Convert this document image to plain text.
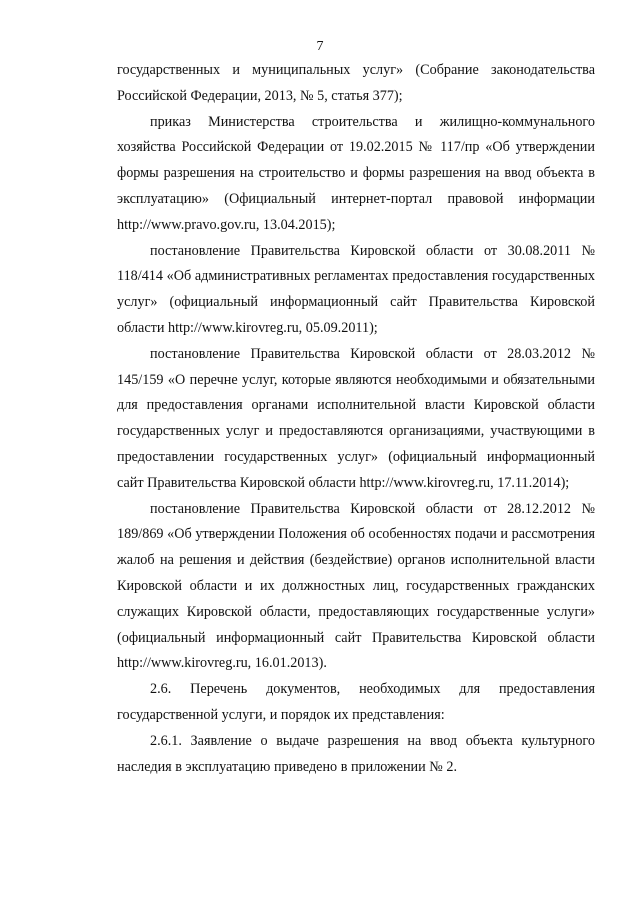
7

государственных и муниципальных услуг» (Собрание законодательства Российской Федерации, 2013, № 5, статья 377);

приказ Министерства строительства и жилищно-коммунального хозяйства Российской Федерации от 19.02.2015 № 117/пр «Об утверждении формы разрешения на строительство и формы разрешения на ввод объекта в эксплуатацию» (Официальный интернет-портал правовой информации http://www.pravo.gov.ru, 13.04.2015);

постановление Правительства Кировской области от 30.08.2011 № 118/414 «Об административных регламентах предоставления государственных услуг» (официальный информационный сайт Правительства Кировской области http://www.kirovreg.ru, 05.09.2011);

постановление Правительства Кировской области от 28.03.2012 № 145/159 «О перечне услуг, которые являются необходимыми и обязательными для предоставления органами исполнительной власти Кировской области государственных услуг и предоставляются организациями, участвующими в предоставлении государственных услуг» (официальный информационный сайт Правительства Кировской области http://www.kirovreg.ru, 17.11.2014);

постановление Правительства Кировской области от 28.12.2012 № 189/869 «Об утверждении Положения об особенностях подачи и рассмотрения жалоб на решения и действия (бездействие) органов исполнительной власти Кировской области и их должностных лиц, государственных гражданских служащих Кировской области, предоставляющих государственные услуги» (официальный информационный сайт Правительства Кировской области http://www.kirovreg.ru, 16.01.2013).

2.6. Перечень документов, необходимых для предоставления государственной услуги, и порядок их представления:

2.6.1. Заявление о выдаче разрешения на ввод объекта культурного наследия в эксплуатацию приведено в приложении № 2.
